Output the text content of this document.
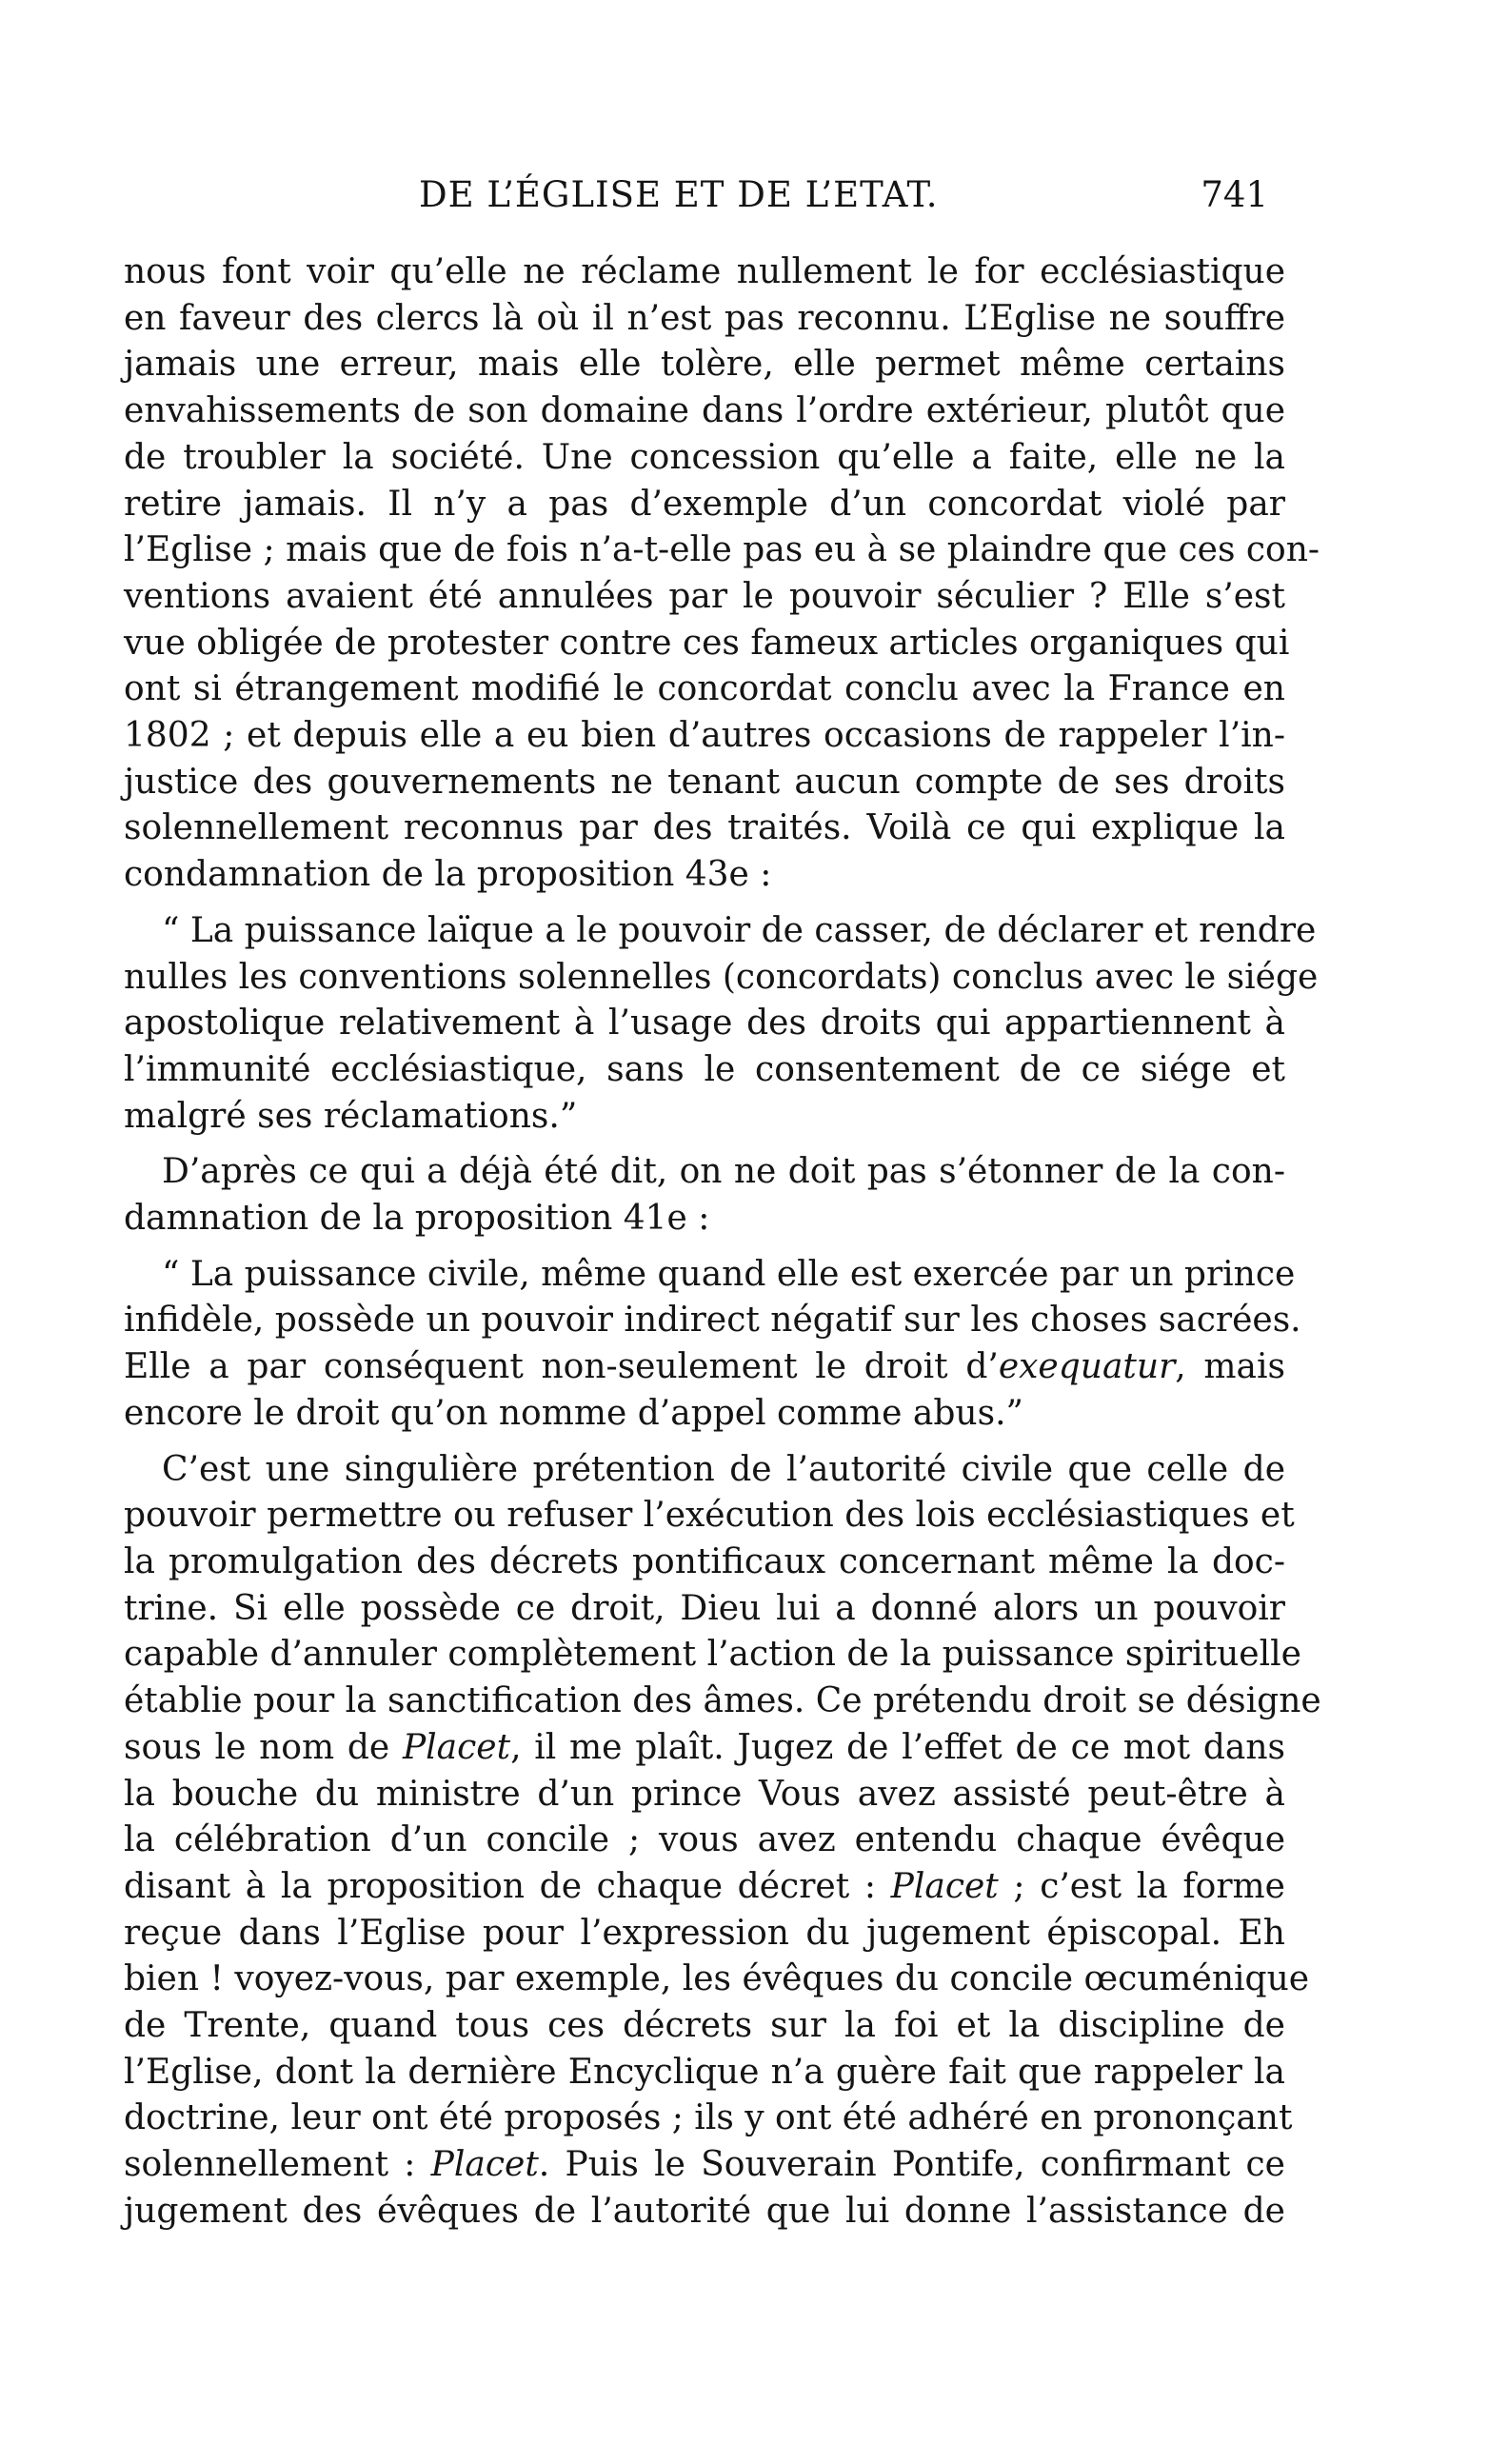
DE L’ÉGLISE ET DE L’ETAT.	741
nous font voir qu’elle ne réclame nullement le for ecclésiastique
en faveur des clercs là où il n’est pas reconnu. L’Eglise ne souffre
jamais une erreur, mais elle tolère, elle permet même certains
envahissements de son domaine dans l’ordre extérieur, plutôt que
de troubler la société. Une concession qu’elle a faite, elle ne la
retire jamais. Il n’y a pas d’exemple d’un concordat violé par
l’Eglise ; mais que de fois n’a-t-elle pas eu à se plaindre que ces con-
ventions avaient été annulées par le pouvoir séculier ? Elle s’est
vue obligée de protester contre ces fameux articles organiques qui
ont si étrangement modifié le concordat conclu avec la France en
1802 ; et depuis elle a eu bien d’autres occasions de rappeler l’in-
justice des gouvernements ne tenant aucun compte de ses droits
solennellement reconnus par des traités. Voilà ce qui explique la
condamnation de la proposition 43e :
“ La puissance laïque a le pouvoir de casser, de déclarer et rendre
nulles les conventions solennelles (concordats) conclus avec le siége
apostolique relativement à l’usage des droits qui appartiennent à
l’immunité ecclésiastique, sans le consentement de ce siége et
malgré ses réclamations.”
D’après ce qui a déjà été dit, on ne doit pas s’étonner de la con-
damnation de la proposition 41e :
“ La puissance civile, même quand elle est exercée par un prince
infidèle, possède un pouvoir indirect négatif sur les choses sacrées.
Elle a par conséquent non-seulement le droit d’exequatur, mais
encore le droit qu’on nomme d’appel comme abus.”
C’est une singulière prétention de l’autorité civile que celle de
pouvoir permettre ou refuser l’exécution des lois ecclésiastiques et
la promulgation des décrets pontificaux concernant même la doc-
trine. Si elle possède ce droit, Dieu lui a donné alors un pouvoir
capable d’annuler complètement l’action de la puissance spirituelle
établie pour la sanctification des âmes. Ce prétendu droit se désigne
sous le nom de Placet, il me plaît. Jugez de l’effet de ce mot dans
la bouche du ministre d’un prince Vous avez assisté peut-être à
la célébration d’un concile ; vous avez entendu chaque évêque
disant à la proposition de chaque décret : Placet ; c’est la forme
reçue dans l’Eglise pour l’expression du jugement épiscopal. Eh
bien ! voyez-vous, par exemple, les évêques du concile œcuménique
de Trente, quand tous ces décrets sur la foi et la discipline de
l’Eglise, dont la dernière Encyclique n’a guère fait que rappeler la
doctrine, leur ont été proposés ; ils y ont été adhéré en prononçant
solennellement : Placet. Puis le Souverain Pontife, confirmant ce
jugement des évêques de l’autorité que lui donne l’assistance de
